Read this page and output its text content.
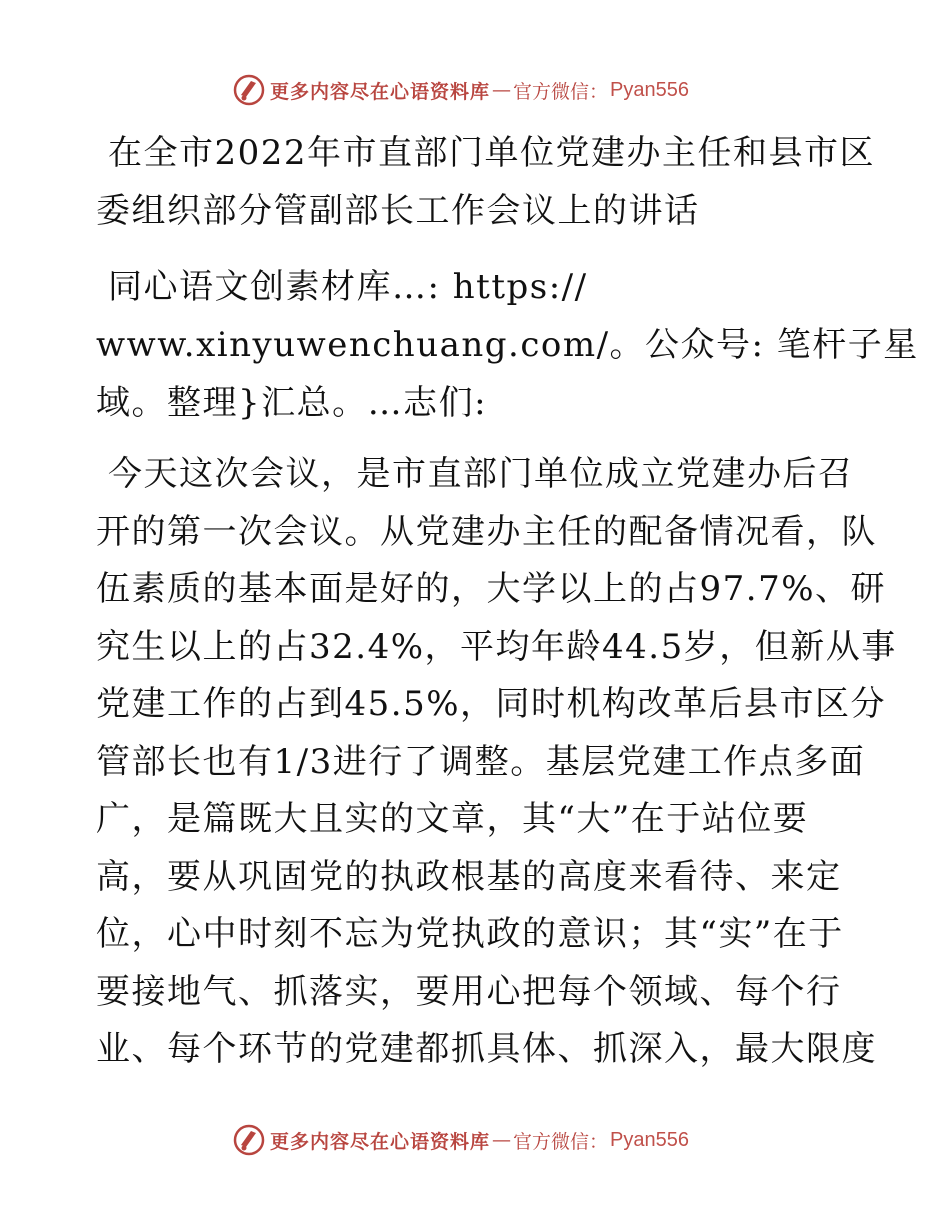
更多内容尽在心语资料库 — 官方微信： Pyan556
在全市2022年市直部门单位党建办主任和县市区
委组织部分管副部长工作会议上的讲话
同心语文创素材库…: https://
www.xinyuwenchuang.com/。公众号: 笔杆子星
域。整理}汇总。…志们:
今天这次会议，是市直部门单位成立党建办后召
开的第一次会议。从党建办主任的配备情况看，队
伍素质的基本面是好的，大学以上的占97.7%、研
究生以上的占32.4%，平均年龄44.5岁，但新从事
党建工作的占到45.5%，同时机构改革后县市区分
管部长也有1/3进行了调整。基层党建工作点多面
广，是篇既大且实的文章，其“大”在于站位要
高，要从巩固党的执政根基的高度来看待、来定
位，心中时刻不忘为党执政的意识；其“实”在于
要接地气、抓落实，要用心把每个领域、每个行
业、每个环节的党建都抓具体、抓深入，最大限度
更多内容尽在心语资料库 — 官方微信： Pyan556
